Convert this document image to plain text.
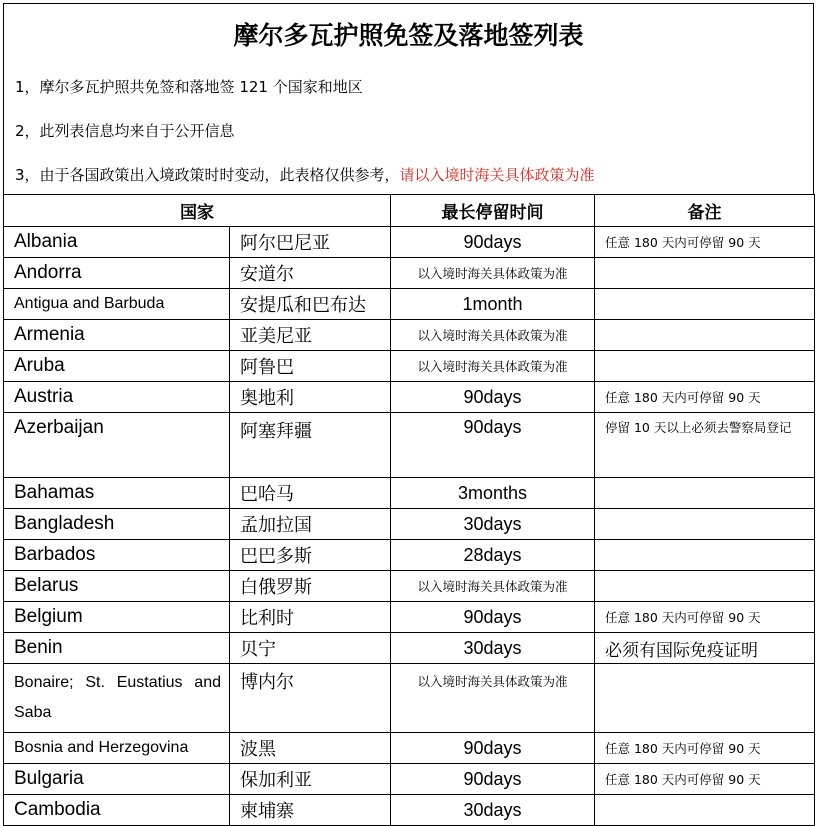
摩尔多瓦护照免签及落地签列表
1，摩尔多瓦护照共免签和落地签 121 个国家和地区
2，此列表信息均来自于公开信息
3，由于各国政策出入境政策时时变动，此表格仅供参考，请以入境时海关具体政策为准
国家		最长停留时间	备注
Albania	阿尔巴尼亚	90days	任意 180 天内可停留 90 天
Andorra	安道尔	以入境时海关具体政策为准	
Antigua and Barbuda	安提瓜和巴布达	1month	
Armenia	亚美尼亚	以入境时海关具体政策为准	
Aruba	阿鲁巴	以入境时海关具体政策为准	
Austria	奥地利	90days	任意 180 天内可停留 90 天
Azerbaijan	阿塞拜疆	90days	停留 10 天以上必须去警察局登记
Bahamas	巴哈马	3months	
Bangladesh	孟加拉国	30days	
Barbados	巴巴多斯	28days	
Belarus	白俄罗斯	以入境时海关具体政策为准	
Belgium	比利时	90days	任意 180 天内可停留 90 天
Benin	贝宁	30days	必须有国际免疫证明
Bonaire; St. Eustatius and Saba	博内尔	以入境时海关具体政策为准	
Bosnia and Herzegovina	波黑	90days	任意 180 天内可停留 90 天
Bulgaria	保加利亚	90days	任意 180 天内可停留 90 天
Cambodia	柬埔寨	30days	
